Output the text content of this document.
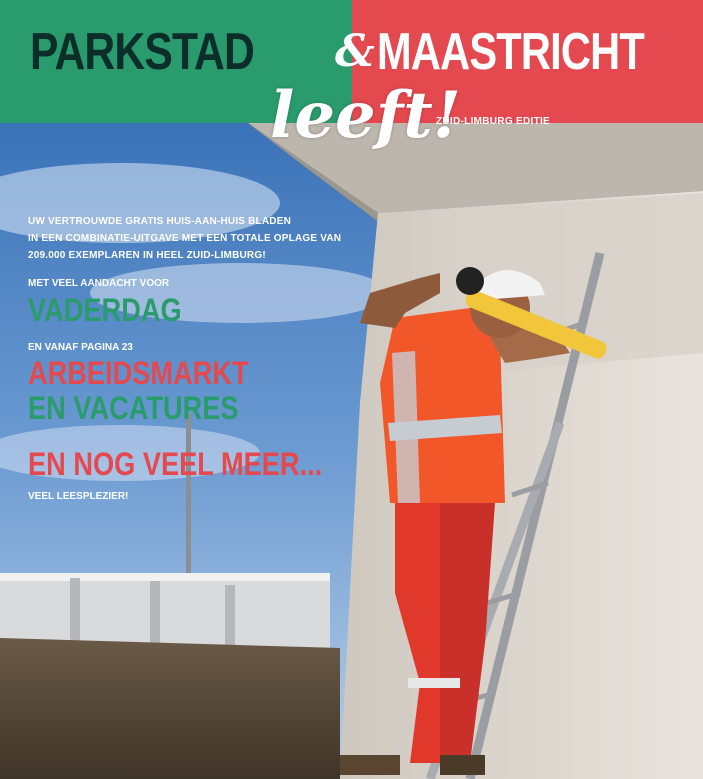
PARKSTAD & MAASTRICHT
leeft!
ZUID-LIMBURG EDITIE
UW VERTROUWDE GRATIS HUIS-AAN-HUIS BLADEN
IN EEN COMBINATIE-UITGAVE MET EEN TOTALE OPLAGE VAN
209.000 EXEMPLAREN IN HEEL ZUID-LIMBURG!
MET VEEL AANDACHT VOOR
VADERDAG
EN VANAF PAGINA 23
ARBEIDSMARKT
EN VACATURES
EN NOG VEEL MEER...
VEEL LEESPLEZIER!
